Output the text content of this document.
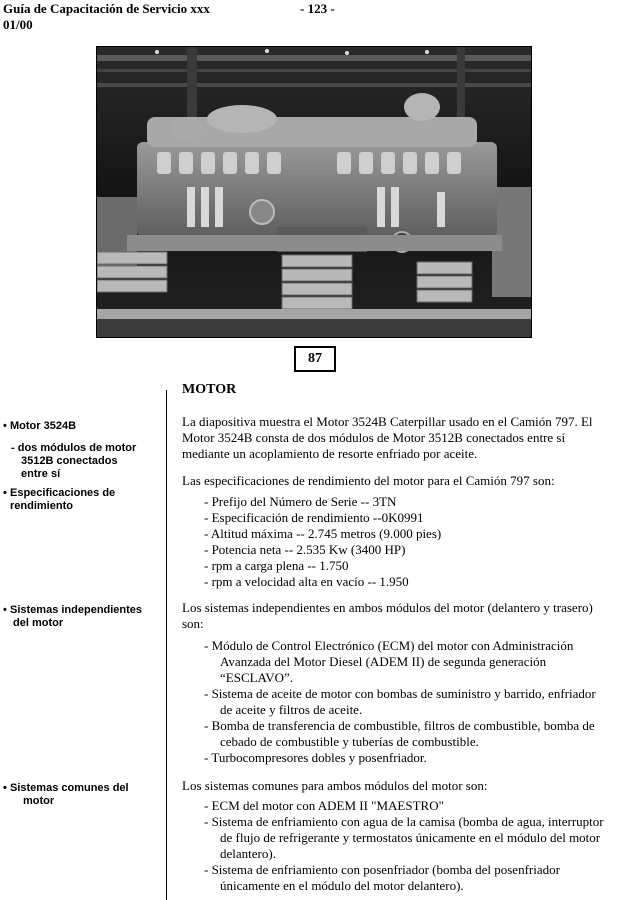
Guía de Capacitación de Servicio xxx
01/00
- 123 -
87
• Motor 3524B
- dos módulos de motor
3512B conectados
entre sí
• Especificaciones de
rendimiento
• Sistemas independientes
del motor
• Sistemas comunes del
motor
MOTOR
La diapositiva muestra el Motor 3524B Caterpillar usado en el Camión 797. El
Motor 3524B consta de dos módulos de Motor 3512B conectados entre sí
mediante un acoplamiento de resorte enfriado por aceite.
Las especificaciones de rendimiento del motor para el Camión 797 son:
- Prefijo del Número de Serie -- 3TN
- Especificación de rendimiento --0K0991
- Altitud máxima -- 2.745 metros (9.000 pies)
- Potencia neta -- 2.535 Kw (3400 HP)
- rpm a carga plena -- 1.750
- rpm a velocidad alta en vacío -- 1.950
Los sistemas independientes en ambos módulos del motor (delantero y trasero)
son:
- Módulo de Control Electrónico (ECM) del motor con Administración
Avanzada del Motor Diesel (ADEM II) de segunda generación
“ESCLAVO”.
- Sistema de aceite de motor con bombas de suministro y barrido, enfriador
de aceite y filtros de aceite.
- Bomba de transferencia de combustible, filtros de combustible, bomba de
cebado de combustible y tuberías de combustible.
- Turbocompresores dobles y posenfriador.
Los sistemas comunes para ambos módulos del motor son:
- ECM del motor con ADEM II "MAESTRO"
- Sistema de enfriamiento con agua de la camisa (bomba de agua, interruptor
de flujo de refrigerante y termostatos únicamente en el módulo del motor
delantero).
- Sistema de enfriamiento con posenfriador (bomba del posenfriador
únicamente en el módulo del motor delantero).
